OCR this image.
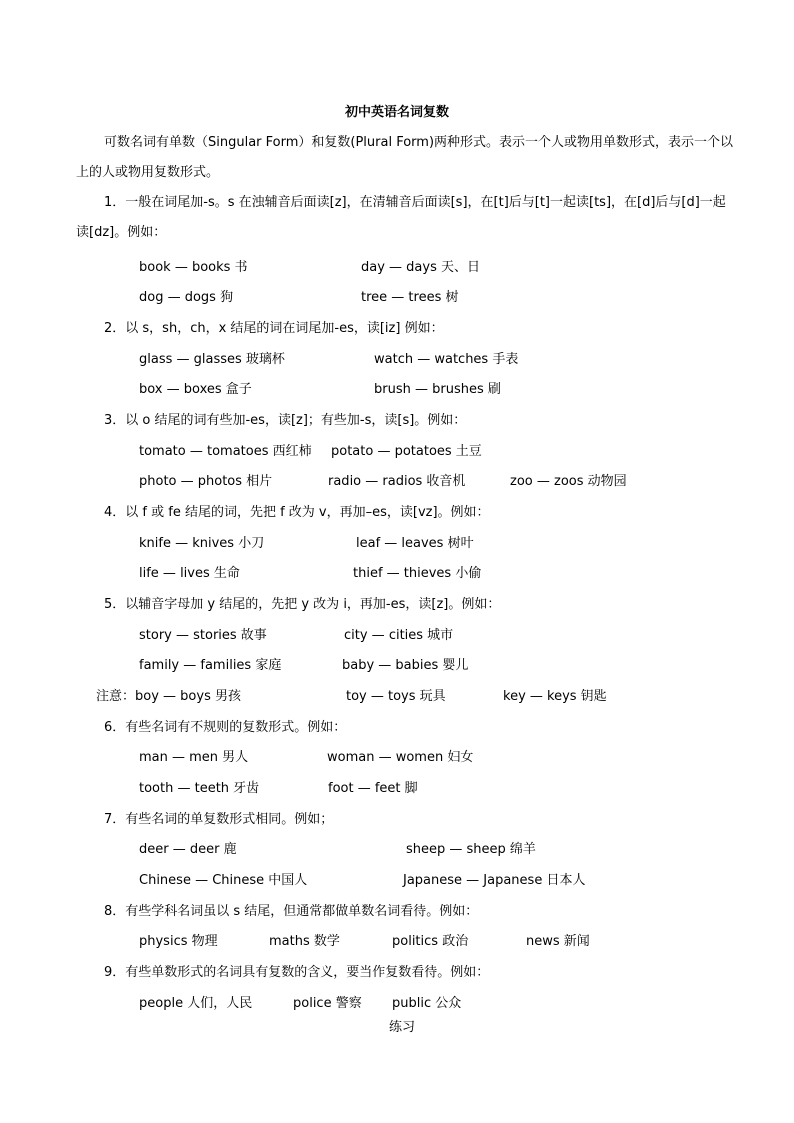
初中英语名词复数
可数名词有单数（Singular Form）和复数(Plural Form)两种形式。表示一个人或物用单数形式，表示一个以上的人或物用复数形式。
1．一般在词尾加-s。s 在浊辅音后面读[z]，在清辅音后面读[s]，在[t]后与[t]一起读[ts]，在[d]后与[d]一起读[dz]。例如：
book — books 书	day — days 天、日
dog — dogs 狗	tree — trees 树
2．以 s，sh，ch，x 结尾的词在词尾加-es，读[iz] 例如：
glass — glasses 玻璃杯	watch — watches 手表
box — boxes 盒子	brush — brushes 刷
3．以 o 结尾的词有些加-es，读[z]；有些加-s，读[s]。例如：
tomato — tomatoes 西红柿 potato — potatoes 土豆
photo — photos 相片	radio — radios 收音机	zoo — zoos 动物园
4．以 f 或 fe 结尾的词，先把 f 改为 v，再加–es，读[vz]。例如：
knife — knives 小刀	leaf — leaves 树叶
life — lives 生命	thief — thieves 小偷
5．以辅音字母加 y 结尾的，先把 y 改为 i，再加-es，读[z]。例如：
story — stories 故事	city — cities 城市
family — families 家庭	baby — babies 婴儿
注意：boy — boys 男孩	toy — toys 玩具	key — keys 钥匙
6．有些名词有不规则的复数形式。例如：
man — men 男人	woman — women 妇女
tooth — teeth 牙齿	foot — feet 脚
7．有些名词的单复数形式相同。例如；
deer — deer 鹿	sheep — sheep 绵羊
Chinese — Chinese 中国人	Japanese — Japanese 日本人
8．有些学科名词虽以 s 结尾，但通常都做单数名词看待。例如：
physics 物理	maths 数学	politics 政治	news 新闻
9．有些单数形式的名词具有复数的含义，要当作复数看待。例如：
people 人们，人民	police 警察 public 公众
练习
